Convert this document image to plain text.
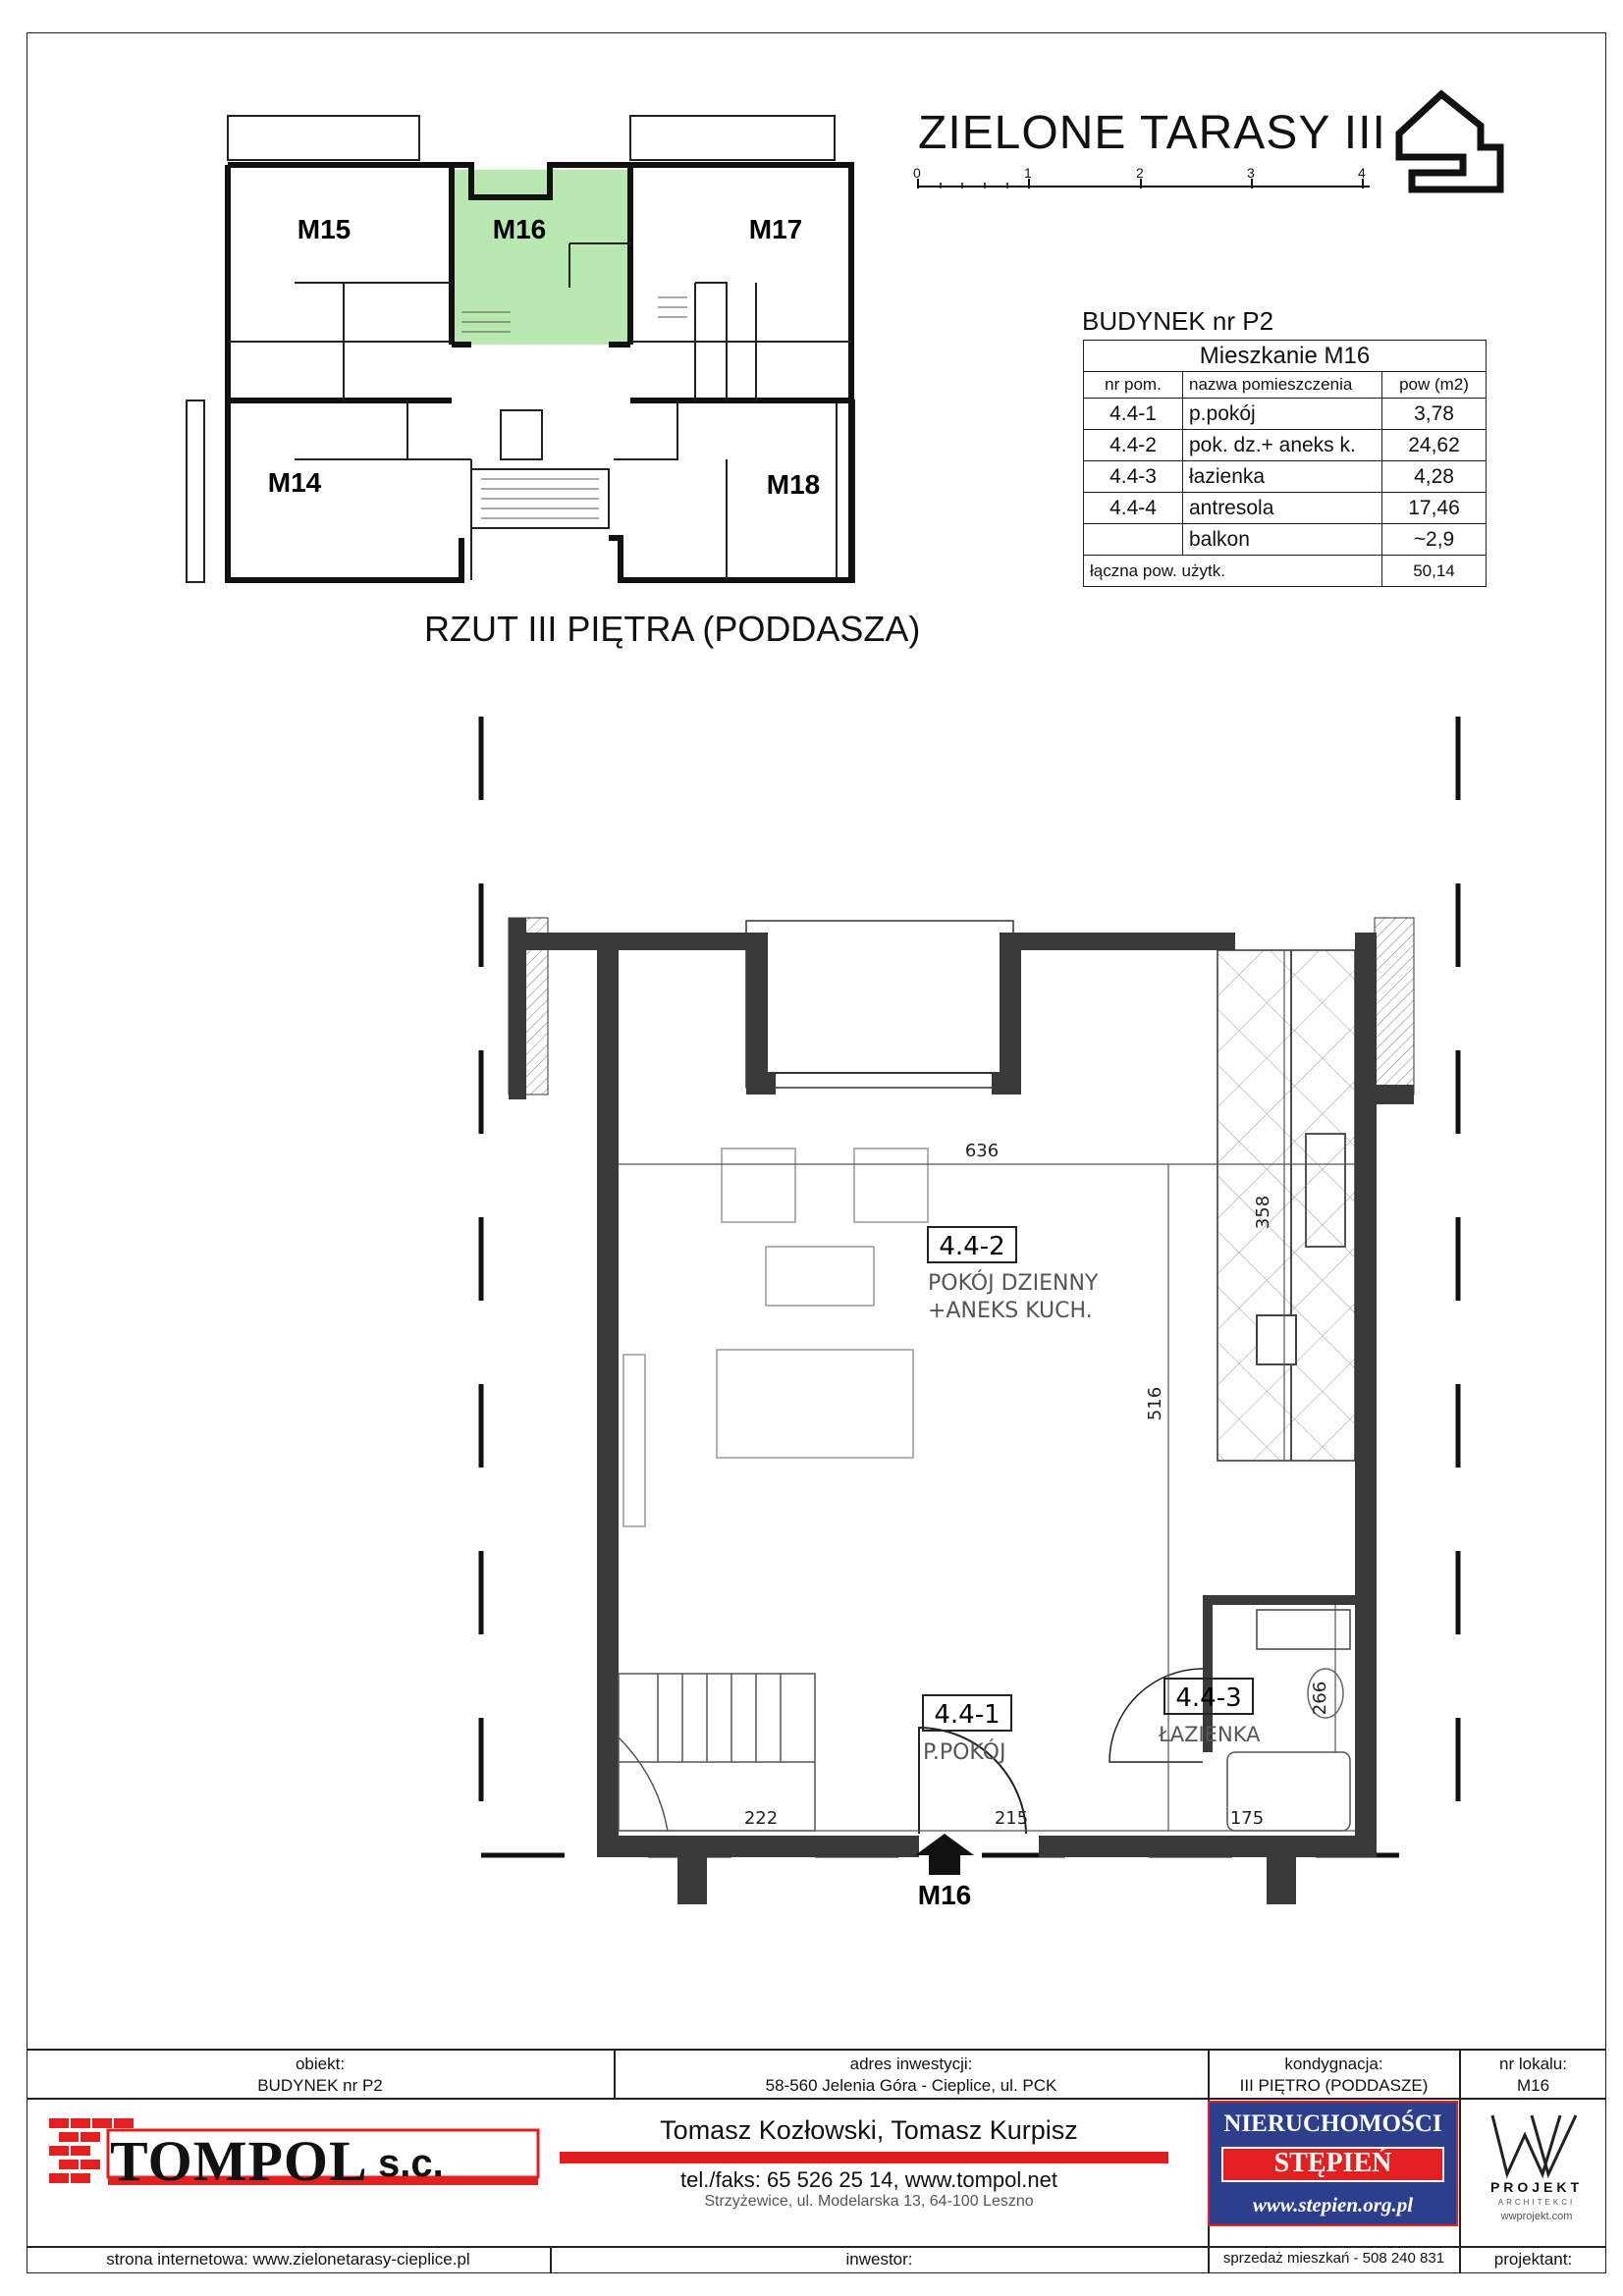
ZIELONE TARASY III
0	1	2	3	4
BUDYNEK nr P2
Mieszkanie M16		
nr pom.	nazwa pomieszczenia	pow (m2)
4.4-1	p.pokój	3,78
4.4-2	pok. dz.+ aneks k.	24,62
4.4-3	łazienka	4,28
4.4-4	antresola	17,46
	balkon	~2,9
łączna pow. użytk.		50,14
M15	M16	M17
M14	M18
RZUT III PIĘTRA (PODDASZA)
636
358
516
266
222	215	175
4.4-2
POKÓJ DZIENNY
+ANEKS KUCH.
4.4-1
P.POKÓJ
4.4-3
ŁAZIENKA
M16
obiekt:
BUDYNEK nr P2
adres inwestycji:
58-560 Jelenia Góra - Cieplice, ul. PCK
kondygnacja:
III PIĘTRO (PODDASZE)
nr lokalu:
M16
TOMPOL s.c.
Tomasz Kozłowski, Tomasz Kurpisz
tel./faks: 65 526 25 14, www.tompol.net
Strzyżewice, ul. Modelarska 13, 64-100 Leszno
NIERUCHOMOŚCI
STĘPIEŃ
www.stepien.org.pl
PROJEKT
ARCHITEKCI
wwprojekt.com
strona internetowa: www.zielonetarasy-cieplice.pl	inwestor:	sprzedaż mieszkań - 508 240 831	projektant:
